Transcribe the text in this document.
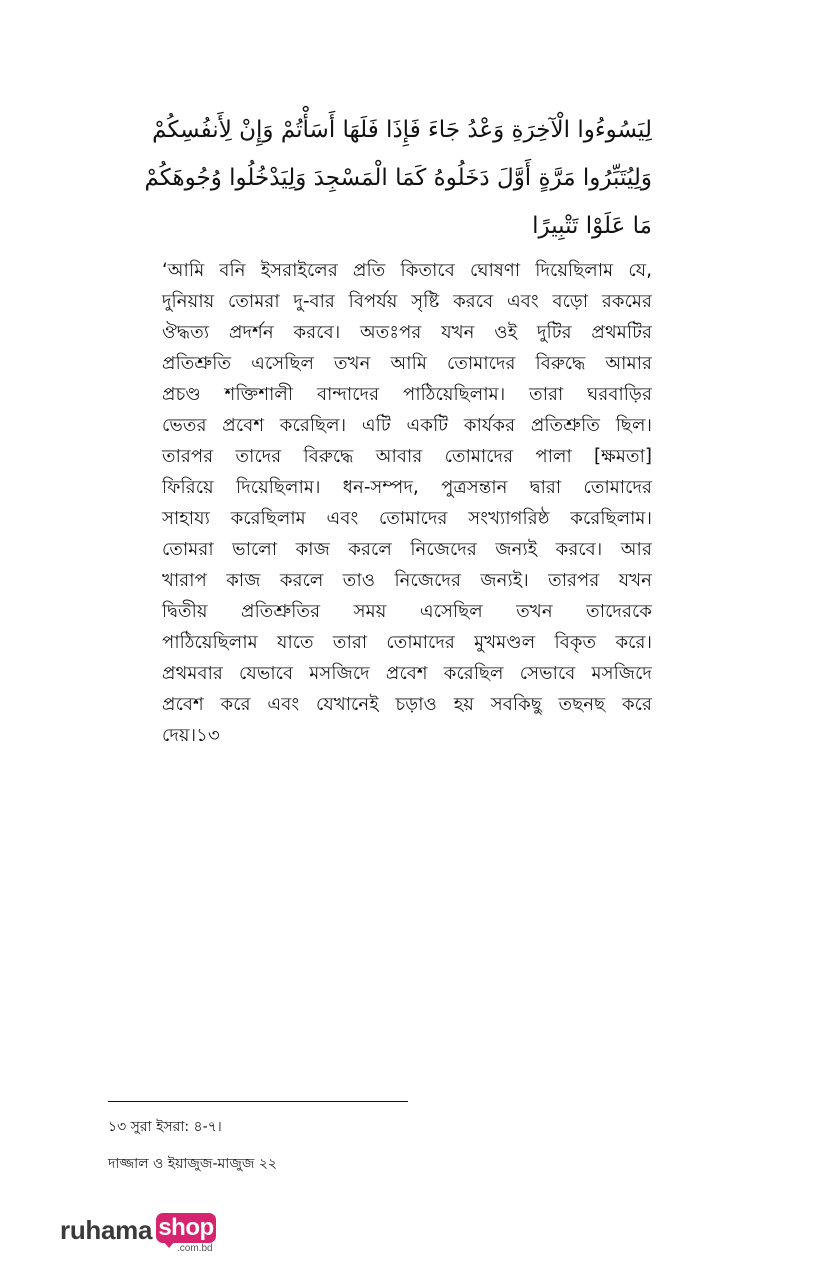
لِيَسُوءُوا الْآخِرَةِ وَعْدُ جَاءَ فَإِذَا فَلَهَا أَسَأْتُمْ وَإِنْ لِأَنفُسِكُمْ
وَلِيُتَبِّرُوا مَرَّةٍ أَوَّلَ دَخَلُوهُ كَمَا الْمَسْجِدَ وَلِيَدْخُلُوا وُجُوهَكُمْ
مَا عَلَوْا تَتْبِيرًا
‘আমি বনি ইসরাইলের প্রতি কিতাবে ঘোষণা দিয়েছিলাম যে,
দুনিয়ায় তোমরা দু-বার বিপর্যয় সৃষ্টি করবে এবং বড়ো রকমের
ঔদ্ধত্য প্রদর্শন করবে। অতঃপর যখন ওই দুটির প্রথমটির
প্রতিশ্রুতি এসেছিল তখন আমি তোমাদের বিরুদ্ধে আমার
প্রচণ্ড শক্তিশালী বান্দাদের পাঠিয়েছিলাম। তারা ঘরবাড়ির
ভেতর প্রবেশ করেছিল। এটি একটি কার্যকর প্রতিশ্রুতি ছিল।
তারপর তাদের বিরুদ্ধে আবার তোমাদের পালা [ক্ষমতা]
ফিরিয়ে দিয়েছিলাম। ধন-সম্পদ, পুত্রসন্তান দ্বারা তোমাদের
সাহায্য করেছিলাম এবং তোমাদের সংখ্যাগরিষ্ঠ করেছিলাম।
তোমরা ভালো কাজ করলে নিজেদের জন্যই করবে। আর
খারাপ কাজ করলে তাও নিজেদের জন্যই। তারপর যখন
দ্বিতীয় প্রতিশ্রুতির সময় এসেছিল তখন তাদেরকে
পাঠিয়েছিলাম যাতে তারা তোমাদের মুখমণ্ডল বিকৃত করে।
প্রথমবার যেভাবে মসজিদে প্রবেশ করেছিল সেভাবে মসজিদে
প্রবেশ করে এবং যেখানেই চড়াও হয় সবকিছু তছনছ করে
দেয়।১৩
১৩ সুরা ইসরা: ৪-৭।
দাজ্জাল ও ইয়াজুজ-মাজুজ ২২
ruhama shop
.com.bd
